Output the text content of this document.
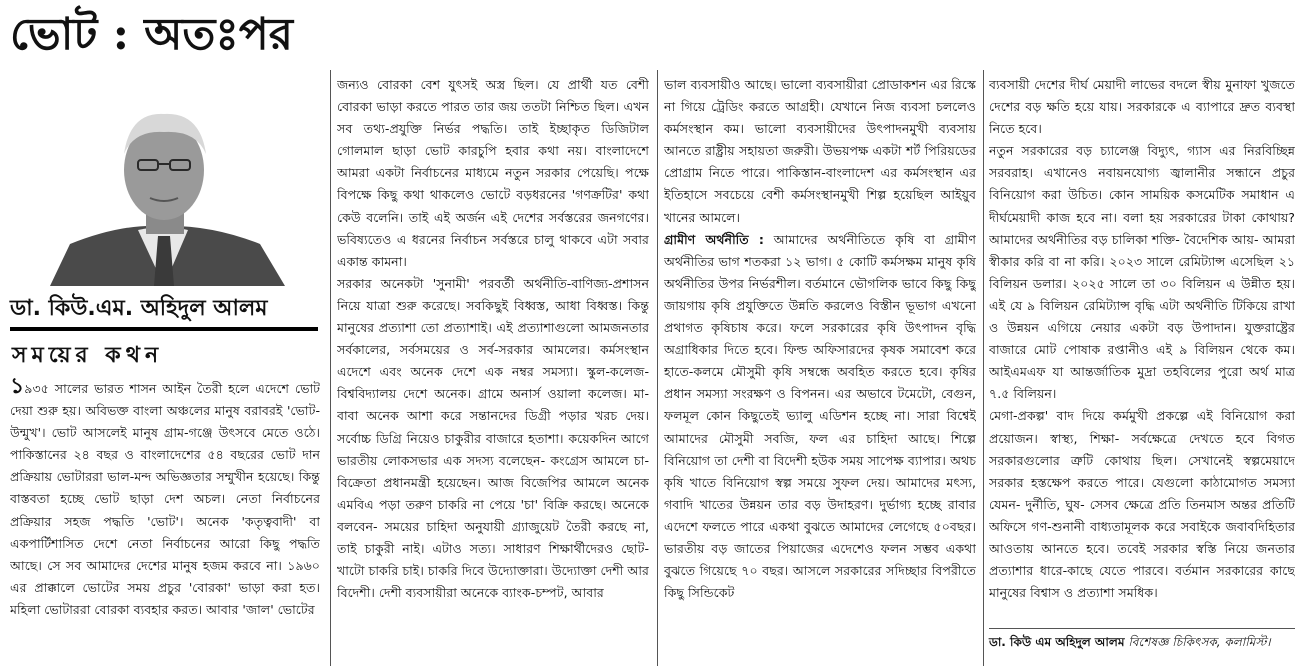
ভোট : অতঃপর
ডা. কিউ.এম. অহিদুল আলম
সময়ের কথন

১৯৩৫ সালের ভারত শাসন আইন তৈরী হলে এদেশে ভোট দেয়া শুরু হয়। অবিভক্ত বাংলা অঞ্চলের মানুষ বরাবরই 'ভোট-উন্মুখ'। ভোট আসলেই মানুষ গ্রাম-গঞ্জে উৎসবে মেতে ওঠে। পাকিস্তানের ২৪ বছর ও বাংলাদেশের ৫৪ বছরের ভোট দান প্রক্রিয়ায় ভোটাররা ভাল-মন্দ অভিজ্ঞতার সম্মুখীন হয়েছে। কিন্তু বাস্তবতা হচ্ছে ভোট ছাড়া দেশ অচল। নেতা নির্বাচনের প্রক্রিয়ার সহজ পদ্ধতি 'ভোট'। অনেক 'কতৃত্ববাদী' বা একপার্টিশাসিত দেশে নেতা নির্বাচনের আরো কিছু পদ্ধতি আছে। সে সব আমাদের দেশের মানুষ হজম করবে না। ১৯৬০ এর প্রাক্কালে ভোটের সময় প্রচুর 'বোরকা' ভাড়া করা হত। মহিলা ভোটাররা বোরকা ব্যবহার করত। আবার 'জাল' ভোটের

জন্যও বোরকা বেশ যুৎসই অস্ত্র ছিল। যে প্রার্থী যত বেশী বোরকা ভাড়া করতে পারত তার জয় ততটা নিশ্চিত ছিল। এখন সব তথ্য-প্রযুক্তি নির্ভর পদ্ধতি। তাই ইচ্ছাকৃত ডিজিটাল গোলমাল ছাড়া ভোট কারচুপি হবার কথা নয়। বাংলাদেশে আমরা একটা নির্বাচনের মাধ্যমে নতুন সরকার পেয়েছি। পক্ষে বিপক্ষে কিছু কথা থাকলেও ভোটে বড়ধরনের 'গণক্রটির' কথা কেউ বলেনি। তাই এই অর্জন এই দেশের সর্বস্তরের জনগণের। ভবিষ্যতেও এ ধরনের নির্বাচন সর্বস্তরে চালু থাকবে এটা সবার একান্ত কামনা।

সরকার অনেকটা 'সুনামী' পরবর্তী অর্থনীতি-বাণিজ্য-প্রশাসন নিয়ে যাত্রা শুরু করেছে। সবকিছুই বিধ্বস্ত, আধা বিধ্বস্ত। কিন্তু মানুষের প্রত্যাশা তো প্রত্যাশাই। এই প্রত্যাশাগুলো আমজনতার সর্বকালের, সর্বসময়ের ও সর্ব-সরকার আমলের। কর্মসংস্থান এদেশে এবং অনেক দেশে এক নম্বর সমস্যা। স্কুল-কলেজ-বিশ্ববিদ্যালয় দেশে অনেক। গ্রামে অনার্স ওয়ালা কলেজ। মা-বাবা অনেক আশা করে সন্তানদের ডিগ্রী পড়ার খরচ দেয়। সর্বোচ্চ ডিগ্রি নিয়েও চাকুরীর বাজারে হতাশা। কয়েকদিন আগে ভারতীয় লোকসভার এক সদস্য বলেছেন- কংগ্রেস আমলে চা-বিক্রেতা প্রধানমন্ত্রী হয়েছেন। আজ বিজেপির আমলে অনেক এমবিএ পড়া তরুণ চাকরি না পেয়ে 'চা' বিক্রি করছে। অনেকে বলবেন- সময়ের চাহিদা অনুযায়ী গ্র্যাজুয়েট তৈরী করছে না, তাই চাকুরী নাই। এটাও সত্য। সাধারণ শিক্ষার্থীদেরও ছোট-খাটো চাকরি চাই। চাকরি দিবে উদ্যোক্তারা। উদ্যোক্তা দেশী আর বিদেশী। দেশী ব্যবসায়ীরা অনেকে ব্যাংক-চম্পট, আবার

ভাল ব্যবসায়ীও আছে। ভালো ব্যবসায়ীরা প্রোডাকশন এর রিস্কে না গিয়ে ট্রেডিং করতে আগ্রহী। যেখানে নিজ ব্যবসা চললেও কর্মসংস্থান কম। ভালো ব্যবসায়ীদের উৎপাদনমুখী ব্যবসায় আনতে রাষ্ট্রীয় সহায়তা জরুরী। উভয়পক্ষ একটা শর্ট পিরিয়ডের প্রোগ্রাম নিতে পারে। পাকিস্তান-বাংলাদেশ এর কর্মসংস্থান এর ইতিহাসে সবচেয়ে বেশী কর্মসংস্থানমুখী শিল্প হয়েছিল আইয়ুব খানের আমলে।

গ্রামীণ অর্থনীতি : আমাদের অর্থনীতিতে কৃষি বা গ্রামীণ অর্থনীতির ভাগ শতকরা ১২ ভাগ। ৫ কোটি কর্মসক্ষম মানুষ কৃষি অর্থনীতির উপর নির্ভরশীল। বর্তমানে ভৌগলিক ভাবে কিছু কিছু জায়গায় কৃষি প্রযুক্তিতে উন্নতি করলেও বিস্তীন ভূভাগ এখনো প্রথাগত কৃষিচাষ করে। ফলে সরকারের কৃষি উৎপাদন বৃদ্ধি অগ্রাধিকার দিতে হবে। ফিল্ড অফিসারদের কৃষক সমাবেশ করে হাতে-কলমে মৌসুমী কৃষি সম্বন্ধে অবহিত করতে হবে। কৃষির প্রধান সমস্যা সংরক্ষণ ও বিপনন। এর অভাবে টমেটো, বেগুন, ফলমূল কোন কিছুতেই ভ্যালু এডিশন হচ্ছে না। সারা বিশ্বেই আমাদের মৌসুমী সবজি, ফল এর চাহিদা আছে। শিল্পে বিনিয়োগ তা দেশী বা বিদেশী হউক সময় সাপেক্ষ ব্যাপার। অথচ কৃষি খাতে বিনিয়োগ স্বল্প সময়ে সুফল দেয়। আমাদের মৎস্য, গবাদি খাতের উন্নয়ন তার বড় উদাহরণ। দুর্ভাগ্য হচ্ছে রাবার এদেশে ফলতে পারে একথা বুঝতে আমাদের লেগেছে ৫০বছর। ভারতীয় বড় জাতের পিয়াজের এদেশেও ফলন সম্ভব একথা বুঝতে গিয়েছে ৭০ বছর। আসলে সরকারের সদিচ্ছার বিপরীতে কিছু সিন্ডিকেট

ব্যবসায়ী দেশের দীর্ঘ মেয়াদী লাভের বদলে স্বীয় মুনাফা খুজতে দেশের বড় ক্ষতি হয়ে যায়। সরকারকে এ ব্যাপারে দ্রুত ব্যবস্থা নিতে হবে।

নতুন সরকারের বড় চ্যালেঞ্জ বিদ্যুৎ, গ্যাস এর নিরবিচ্ছিন্ন সরবরাহ। এখানেও নবায়নযোগ্য জ্বালানীর সন্ধানে প্রচুর বিনিয়োগ করা উচিত। কোন সাময়িক কসমেটিক সমাধান এ দীর্ঘমেয়াদী কাজ হবে না। বলা হয় সরকারের টাকা কোথায়? আমাদের অর্থনীতির বড় চালিকা শক্তি- বৈদেশিক আয়- আমরা স্বীকার করি বা না করি। ২০২৩ সালে রেমিট্যান্স এসেছিল ২১ বিলিয়ন ডলার। ২০২৫ সালে তা ৩০ বিলিয়ন এ উন্নীত হয়। এই যে ৯ বিলিয়ন রেমিট্যান্স বৃদ্ধি এটা অর্থনীতি টিকিয়ে রাখা ও উন্নয়ন এগিয়ে নেয়ার একটা বড় উপাদান। যুক্তরাষ্ট্রের বাজারে মোট পোষাক রপ্তানীও এই ৯ বিলিয়ন থেকে কম। আইএমএফ যা আন্তর্জাতিক মুদ্রা তহবিলের পুরো অর্থ মাত্র ৭.৫ বিলিয়ন।

মেগা-প্রকল্প' বাদ দিয়ে কর্মমুখী প্রকল্পে এই বিনিয়োগ করা প্রয়োজন। স্বাস্থ্য, শিক্ষা- সর্বক্ষেত্রে দেখতে হবে বিগত সরকারগুলোর ত্রুটি কোথায় ছিল। সেখানেই স্বল্পমেয়াদে সরকার হস্তক্ষেপ করতে পারে। যেগুলো কাঠামোগত সমস্যা যেমন- দুর্নীতি, ঘুষ- সেসব ক্ষেত্রে প্রতি তিনমাস অন্তর প্রতিটি অফিসে গণ-শুনানী বাধ্যতামূলক করে সবাইকে জবাবদিহিতার আওতায় আনতে হবে। তবেই সরকার স্বস্তি নিয়ে জনতার প্রত্যাশার ধারে-কাছে যেতে পারবে। বর্তমান সরকারের কাছে মানুষের বিশ্বাস ও প্রত্যাশা সমধিক।

ডা. কিউ এম অহিদুল আলম বিশেষজ্ঞ চিকিৎসক, কলামিস্ট।
